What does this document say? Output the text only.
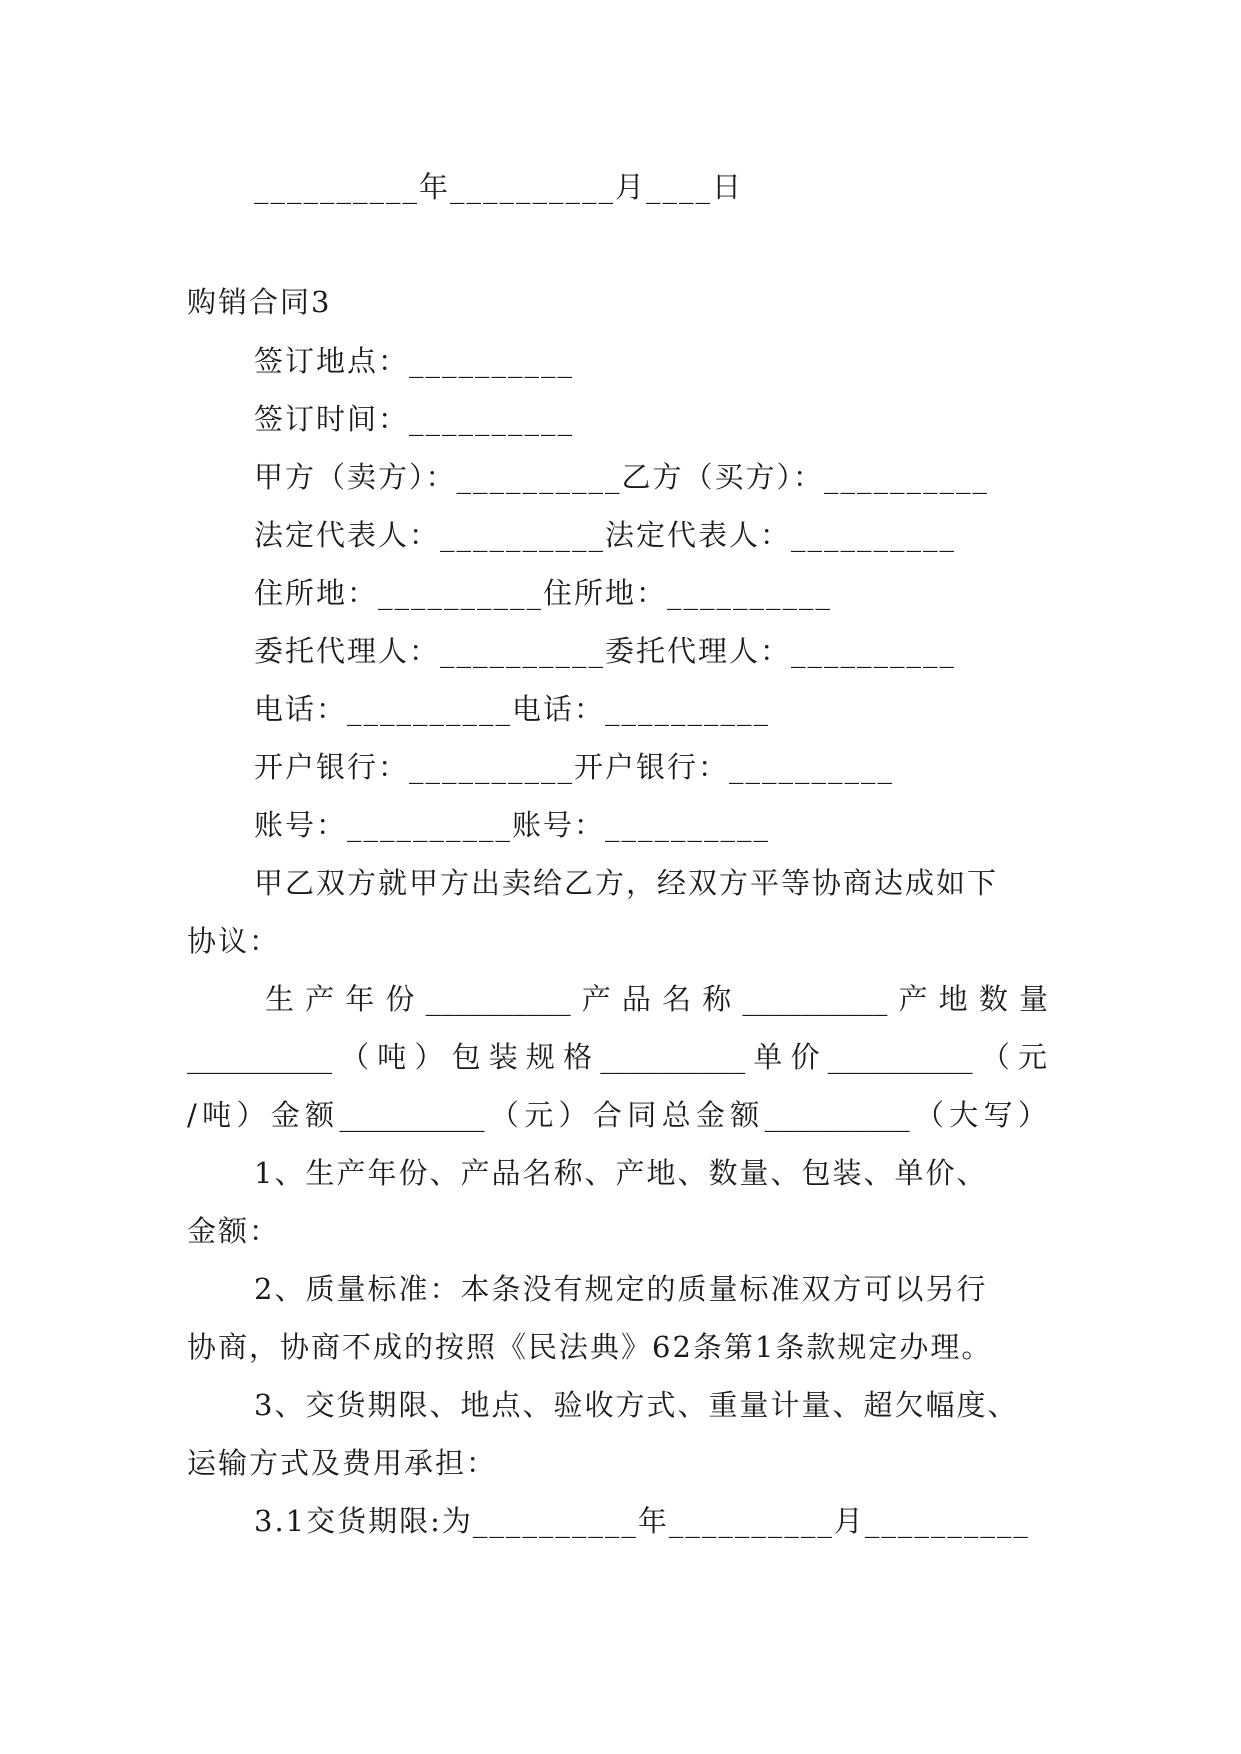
__________年__________月____日
购销合同3
签订地点：__________
签订时间：__________
甲方（卖方）：__________乙方（买方）：__________
法定代表人：__________法定代表人：__________
住所地：__________住所地：__________
委托代理人：__________委托代理人：__________
电话：__________电话：__________
开户银行：__________开户银行：__________
账号：__________账号：__________
甲乙双方就甲方出卖给乙方，经双方平等协商达成如下
协议：
生产年份__________产品名称__________产地数量
__________（吨）包装规格__________单价__________（元
/吨）金额__________（元）合同总金额__________（大写）
1、生产年份、产品名称、产地、数量、包装、单价、
金额：
2、质量标准：本条没有规定的质量标准双方可以另行
协商，协商不成的按照《民法典》62条第1条款规定办理。
3、交货期限、地点、验收方式、重量计量、超欠幅度、
运输方式及费用承担：
3.1交货期限:为__________年__________月__________
